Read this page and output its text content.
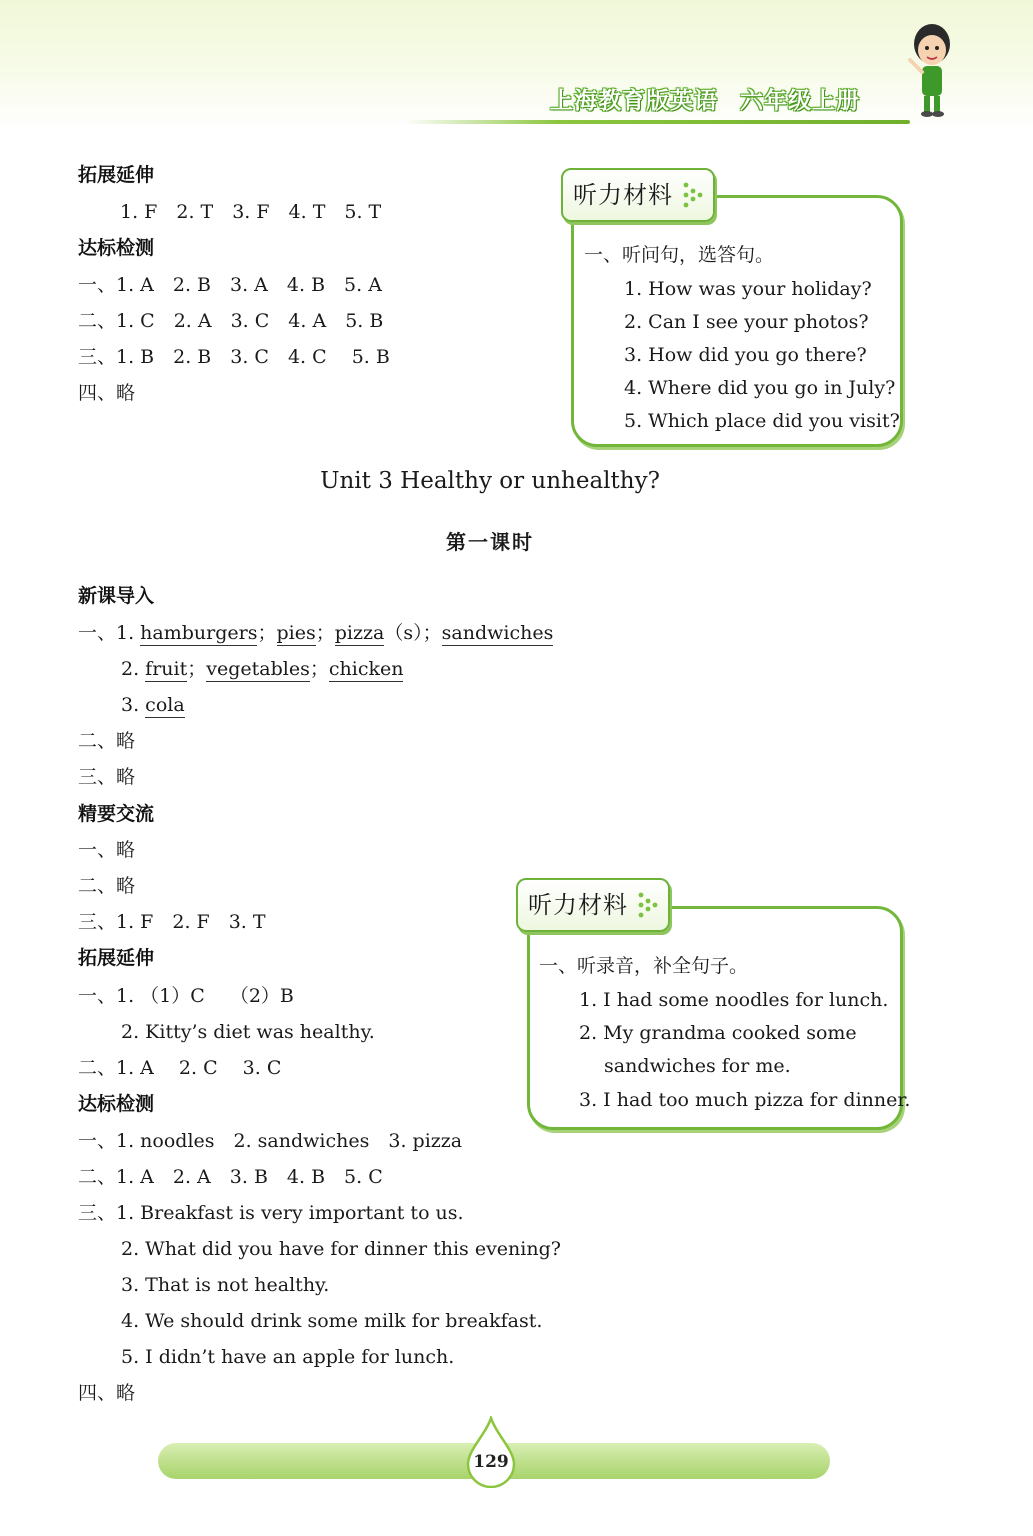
上海教育版英语 六年级上册
拓展延伸
1. F　2. T　3. F　4. T　5. T
达标检测
一、1. A　2. B　3. A　4. B　5. A
二、1. C　2. A　3. C　4. A　5. B
三、1. B　2. B　3. C　4. C　 5. B
四、略
听力材料
一、听问句，选答句。
1. How was your holiday?
2. Can I see your photos?
3. How did you go there?
4. Where did you go in July?
5. Which place did you visit?
Unit 3 Healthy or unhealthy?
第一课时
新课导入
一、1. hamburgers；pies；pizza（s）；sandwiches
2. fruit；vegetables；chicken
3. cola
二、略
三、略
精要交流
一、略
二、略
三、1. F　2. F　3. T
拓展延伸
一、1. （1）C　 （2）B
2. Kitty’s diet was healthy.
二、1. A　 2. C　 3. C
达标检测
一、1. noodles　2. sandwiches　3. pizza
二、1. A　2. A　3. B　4. B　5. C
三、1. Breakfast is very important to us.
2. What did you have for dinner this evening?
3. That is not healthy.
4. We should drink some milk for breakfast.
5. I didn’t have an apple for lunch.
四、略
听力材料
一、听录音，补全句子。
1. I had some noodles for lunch.
2. My grandma cooked some
sandwiches for me.
3. I had too much pizza for dinner.
129
